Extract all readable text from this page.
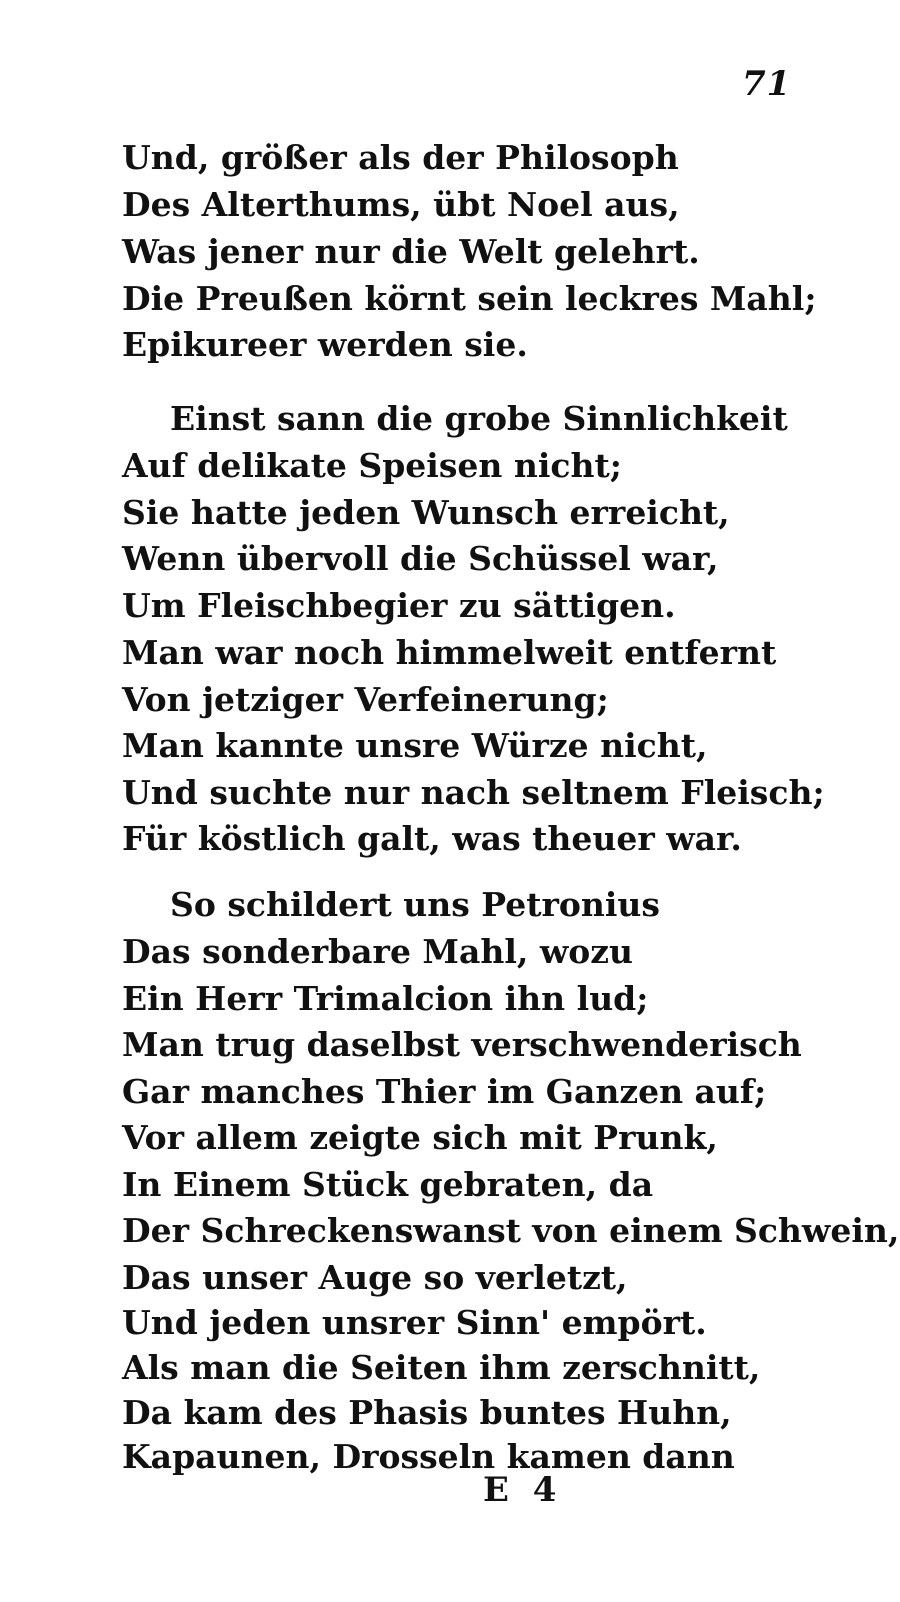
71
Und, größer als der Philosoph
Des Alterthums, übt Noel aus,
Was jener nur die Welt gelehrt.
Die Preußen körnt sein leckres Mahl;
Epikureer werden sie.
Einst sann die grobe Sinnlichkeit
Auf delikate Speisen nicht;
Sie hatte jeden Wunsch erreicht,
Wenn übervoll die Schüssel war,
Um Fleischbegier zu sättigen.
Man war noch himmelweit entfernt
Von jetziger Verfeinerung;
Man kannte unsre Würze nicht,
Und suchte nur nach seltnem Fleisch;
Für köstlich galt, was theuer war.
So schildert uns Petronius
Das sonderbare Mahl, wozu
Ein Herr Trimalcion ihn lud;
Man trug daselbst verschwenderisch
Gar manches Thier im Ganzen auf;
Vor allem zeigte sich mit Prunk,
In Einem Stück gebraten, da
Der Schreckenswanst von einem Schwein,
Das unser Auge so verletzt,
Und jeden unsrer Sinn' empört.
Als man die Seiten ihm zerschnitt,
Da kam des Phasis buntes Huhn,
Kapaunen, Drosseln kamen dann
E 4
